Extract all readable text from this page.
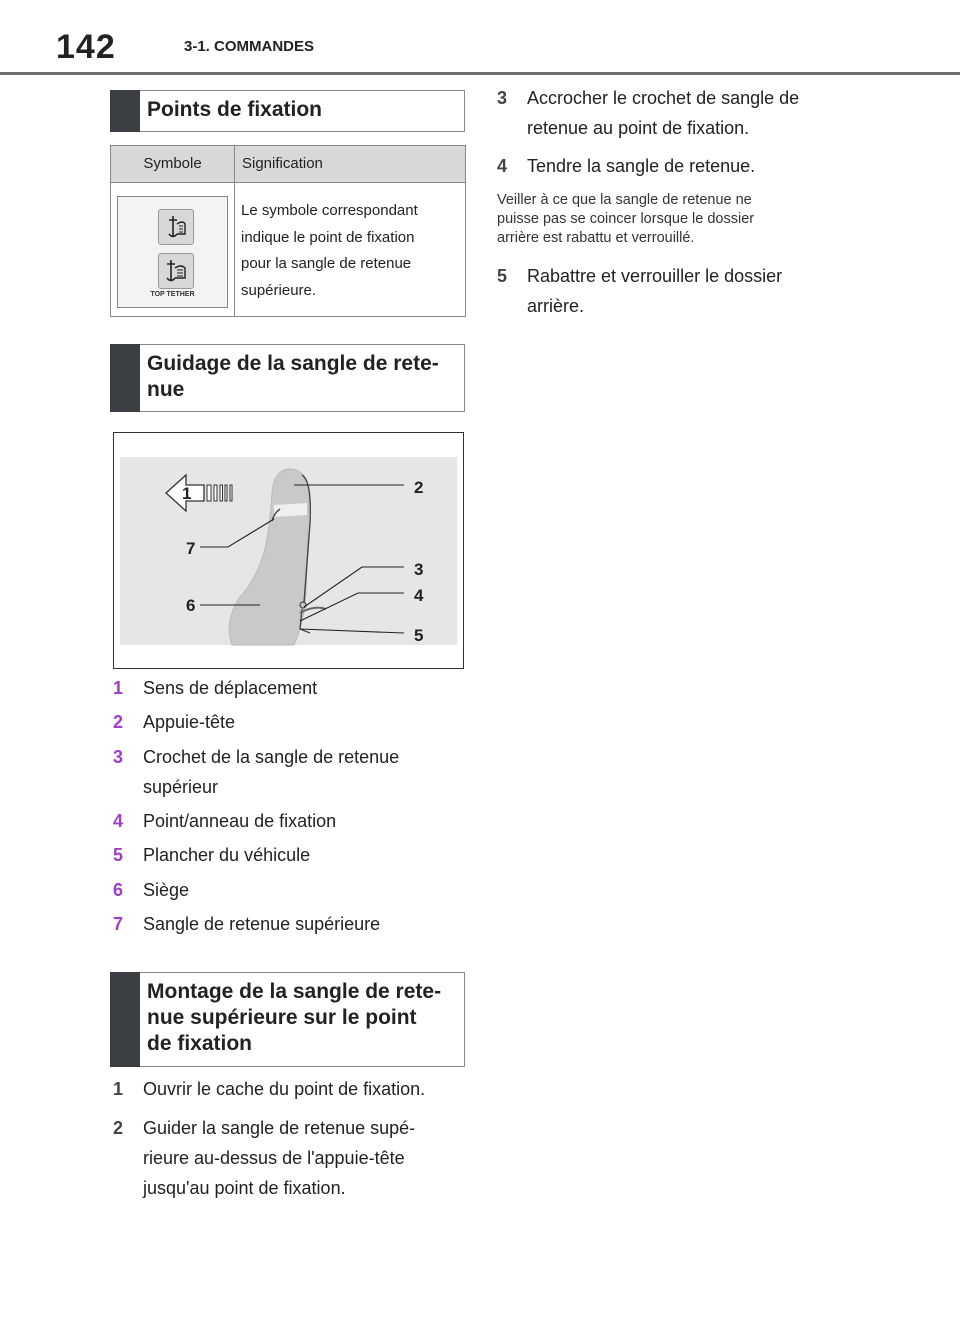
142	3-1. COMMANDES
Points de fixation
Symbole	Signification
TOP TETHER
Le symbole correspondant
indique le point de fixation
pour la sangle de retenue
supérieure.
Guidage de la sangle de rete-
nue
1	2
3
4
5
6
7
1 Sens de déplacement
2 Appuie-tête
3 Crochet de la sangle de retenue
supérieur
4 Point/anneau de fixation
5 Plancher du véhicule
6 Siège
7 Sangle de retenue supérieure
Montage de la sangle de rete-
nue supérieure sur le point
de fixation
1 Ouvrir le cache du point de fixation.
2 Guider la sangle de retenue supé-
rieure au-dessus de l'appuie-tête
jusqu'au point de fixation.
3 Accrocher le crochet de sangle de
retenue au point de fixation.
4 Tendre la sangle de retenue.
Veiller à ce que la sangle de retenue ne
puisse pas se coincer lorsque le dossier
arrière est rabattu et verrouillé.
5 Rabattre et verrouiller le dossier
arrière.
